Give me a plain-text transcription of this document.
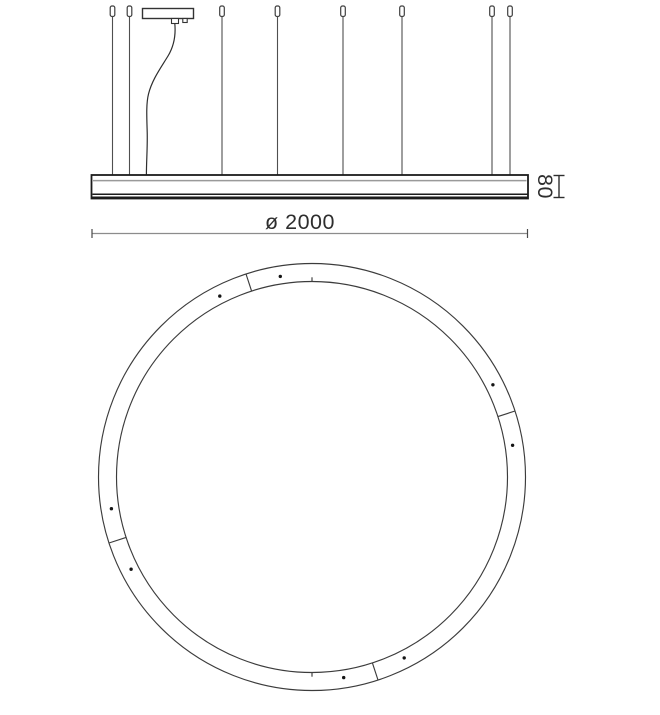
80
ø 2000
